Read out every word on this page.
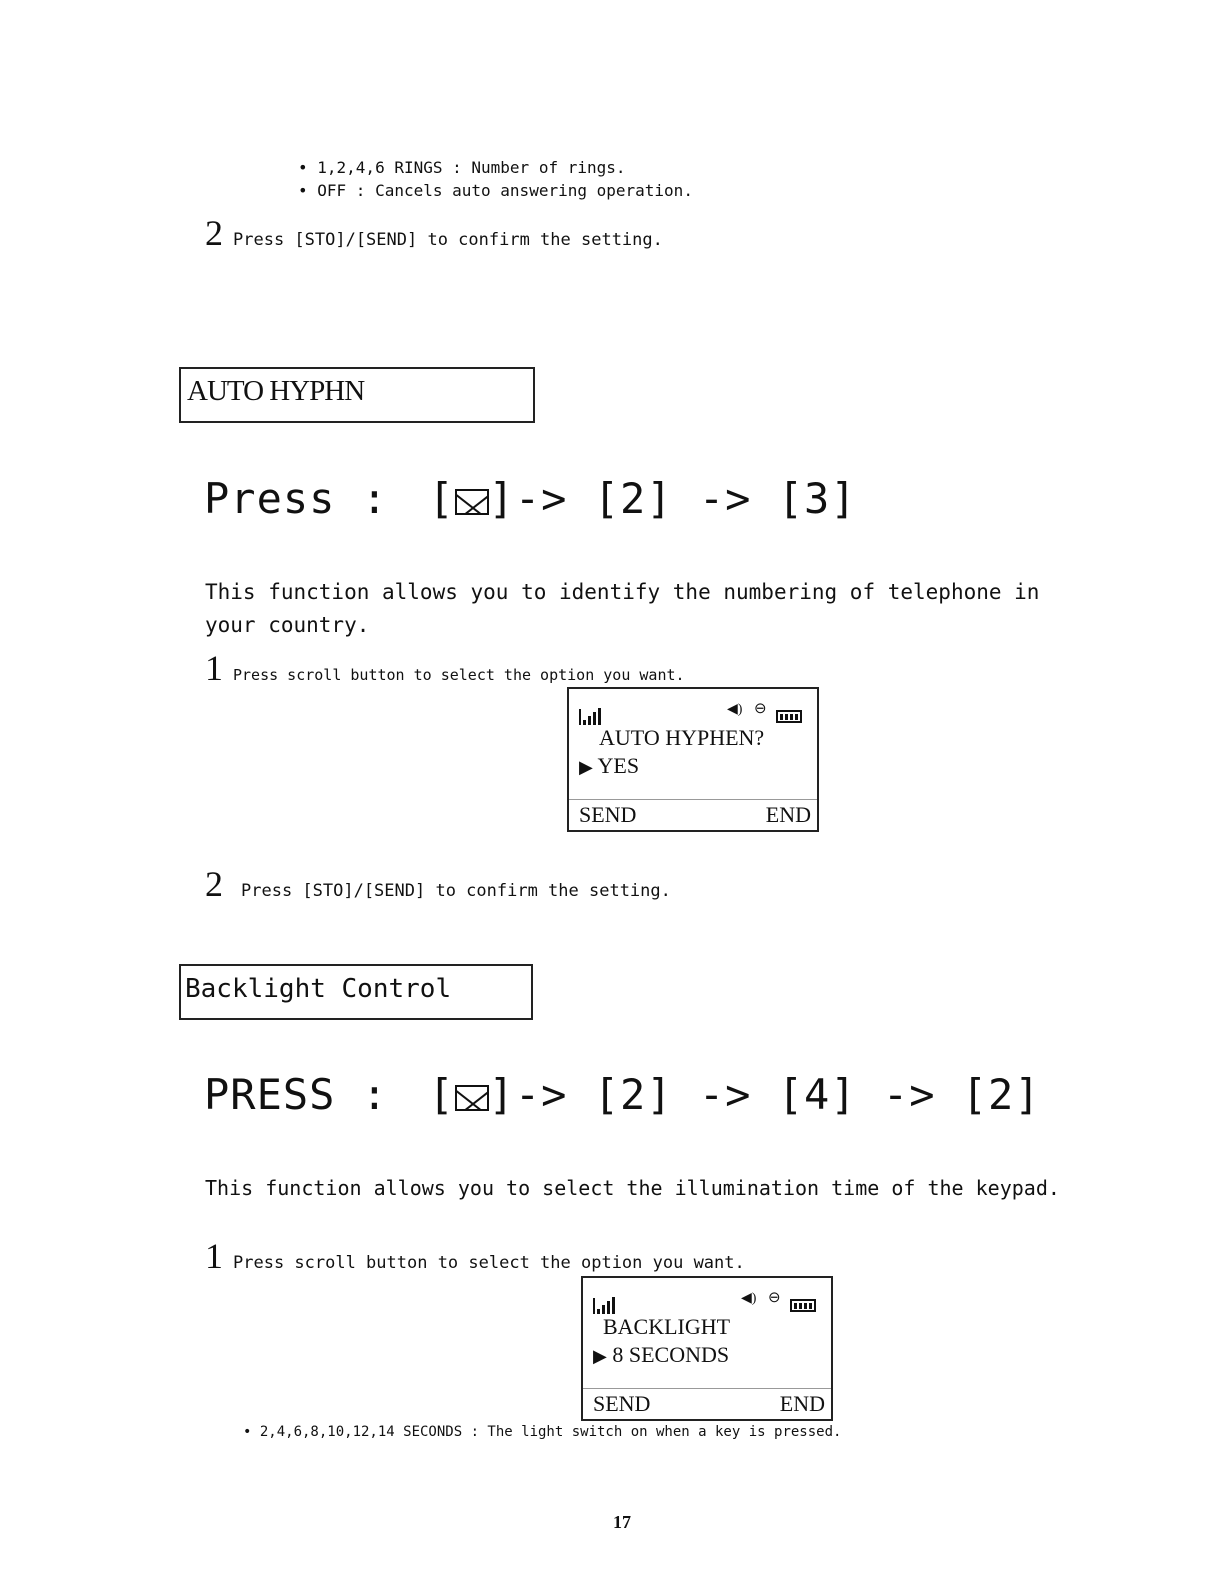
• 1,2,4,6 RINGS : Number of rings.
• OFF : Cancels auto answering operation.
2 Press [STO]/[SEND] to confirm the setting.
AUTO HYPHN
Press : [ ]-> [2] -> [3]
This function allows you to identify the numbering of telephone in
your country.
1 Press scroll button to select the option you want.
◀) ⊖
AUTO HYPHEN?
▶ YES
SEND	END
2 Press [STO]/[SEND] to confirm the setting.
Backlight Control
PRESS : [ ]-> [2] -> [4] -> [2]
This function allows you to select the illumination time of the keypad.
1 Press scroll button to select the option you want.
◀) ⊖
BACKLIGHT
▶ 8 SECONDS
SEND	END
• 2,4,6,8,10,12,14 SECONDS : The light switch on when a key is pressed.
17
